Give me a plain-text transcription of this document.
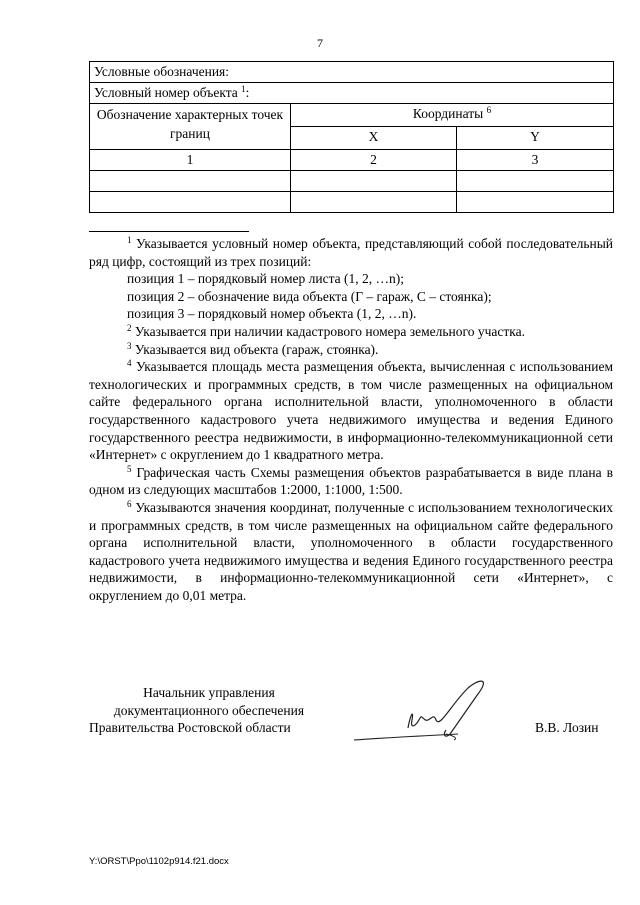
7
Условные обозначения:		
Условный номер объекта $^1$:		
Обозначение характерных точек границ	Координаты $^6$
	X	Y
1	2	3

$^1$ Указывается условный номер объекта, представляющий собой последовательный ряд цифр, состоящий из трех позиций:

позиция 1 – порядковый номер листа (1, 2, …n);

позиция 2 – обозначение вида объекта (Г – гараж, С – стоянка);

позиция 3 – порядковый номер объекта (1, 2, …n).

$^2$ Указывается при наличии кадастрового номера земельного участка.

$^3$ Указывается вид объекта (гараж, стоянка).

$^4$ Указывается площадь места размещения объекта, вычисленная с использованием технологических и программных средств, в том числе размещенных на официальном сайте федерального органа исполнительной власти, уполномоченного в области государственного кадастрового учета недвижимого имущества и ведения Единого государственного реестра недвижимости, в информационно-телекоммуникационной сети «Интернет» с округлением до 1 квадратного метра.

$^5$ Графическая часть Схемы размещения объектов разрабатывается в виде плана в одном из следующих масштабов 1:2000, 1:1000, 1:500.

$^6$ Указываются значения координат, полученные с использованием технологических и программных средств, в том числе размещенных на официальном сайте федерального органа исполнительной власти, уполномоченного в области государственного кадастрового учета недвижимого имущества и ведения Единого государственного реестра недвижимости, в информационно-телекоммуникационной сети «Интернет», с округлением до 0,01 метра.

Начальник управления
документационного обеспечения
Правительства Ростовской области	В.В. Лозин
Y:\ORST\Ppo\1102p914.f21.docx
